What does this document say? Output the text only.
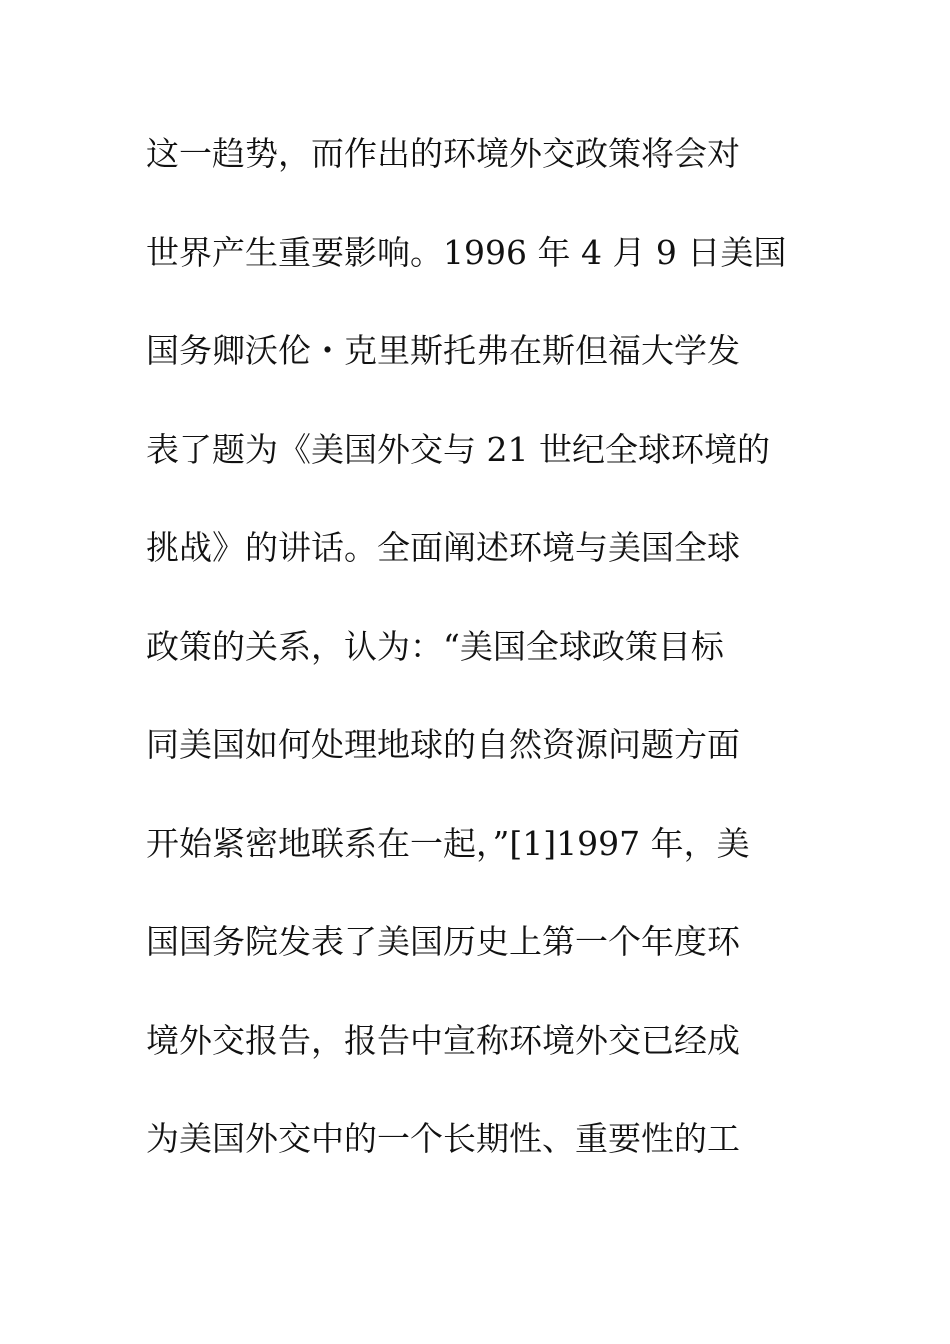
这一趋势，而作出的环境外交政策将会对
世界产生重要影响。1996 年 4 月 9 日美国
国务卿沃伦・克里斯托弗在斯但福大学发
表了题为《美国外交与 21 世纪全球环境的
挑战》的讲话。全面阐述环境与美国全球
政策的关系，认为：“美国全球政策目标
同美国如何处理地球的自然资源问题方面
开始紧密地联系在一起，”[1]1997 年，美
国国务院发表了美国历史上第一个年度环
境外交报告，报告中宣称环境外交已经成
为美国外交中的一个长期性、重要性的工
